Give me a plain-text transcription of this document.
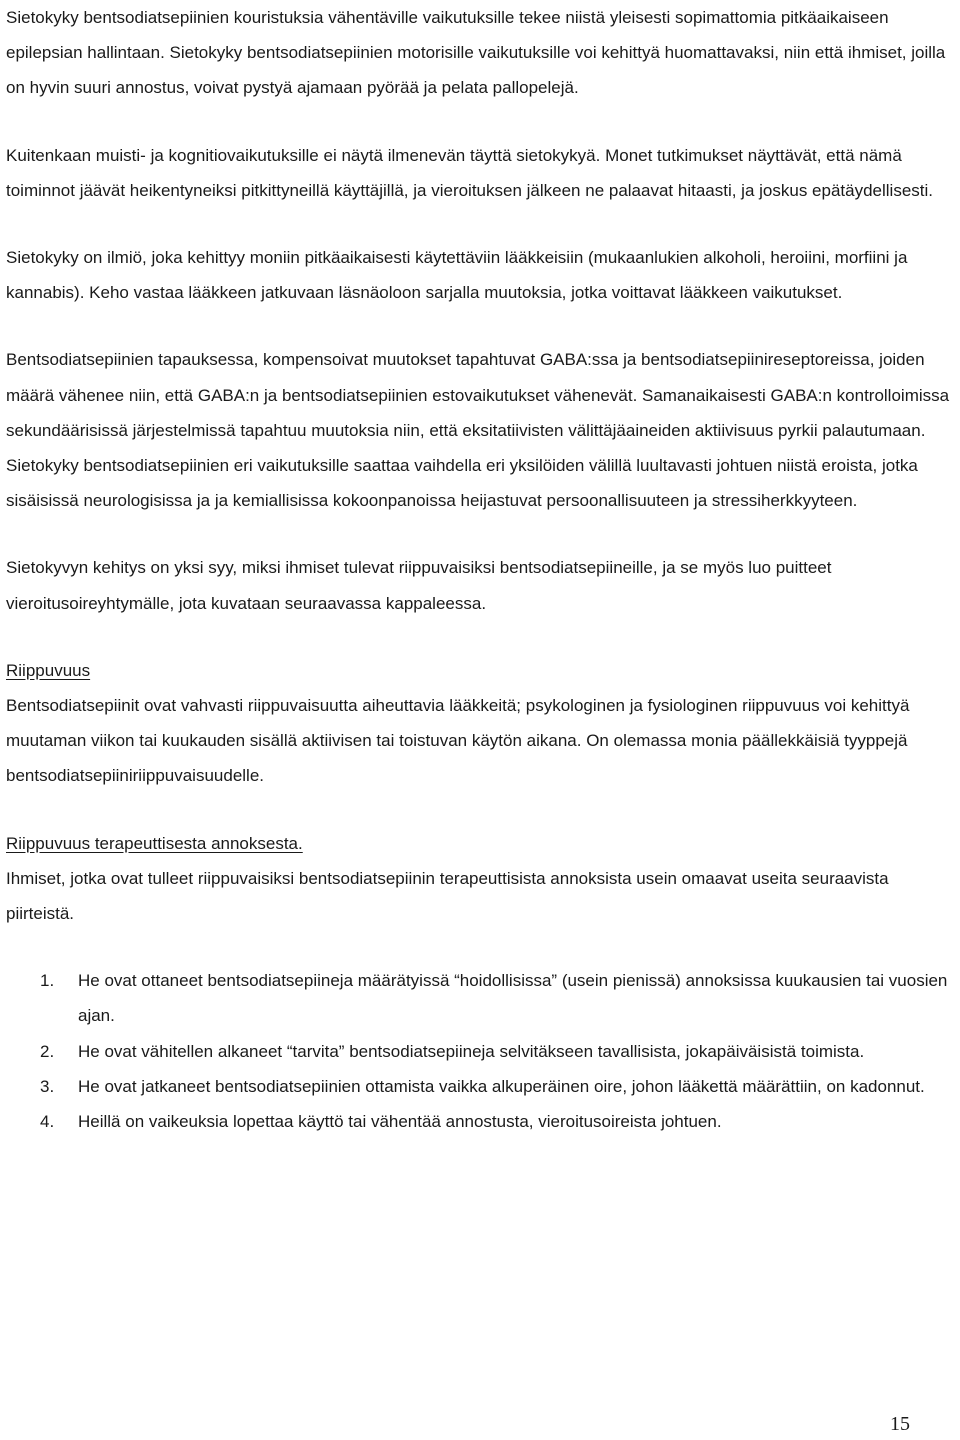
Sietokyky bentsodiatsepiinien kouristuksia vähentäville vaikutuksille tekee niistä yleisesti sopimattomia pitkäaikaiseen epilepsian hallintaan. Sietokyky bentsodiatsepiinien motorisille vaikutuksille voi kehittyä huomattavaksi, niin että ihmiset, joilla on hyvin suuri annostus, voivat pystyä ajamaan pyörää ja pelata pallopelejä.

Kuitenkaan muisti- ja kognitiovaikutuksille ei näytä ilmenevän täyttä sietokykyä. Monet tutkimukset näyttävät, että nämä toiminnot jäävät heikentyneiksi pitkittyneillä käyttäjillä, ja vieroituksen jälkeen ne palaavat hitaasti, ja joskus epätäydellisesti.

Sietokyky on ilmiö, joka kehittyy moniin pitkäaikaisesti käytettäviin lääkkeisiin (mukaanlukien alkoholi, heroiini, morfiini ja kannabis). Keho vastaa lääkkeen jatkuvaan läsnäoloon sarjalla muutoksia, jotka voittavat lääkkeen vaikutukset.

Bentsodiatsepiinien tapauksessa, kompensoivat muutokset tapahtuvat GABA:ssa ja bentsodiatsepiinireseptoreissa, joiden määrä vähenee niin, että GABA:n ja bentsodiatsepiinien estovaikutukset vähenevät. Samanaikaisesti GABA:n kontrolloimissa sekundäärisissä järjestelmissä tapahtuu muutoksia niin, että eksitatiivisten välittäjäaineiden aktiivisuus pyrkii palautumaan. Sietokyky bentsodiatsepiinien eri vaikutuksille saattaa vaihdella eri yksilöiden välillä luultavasti johtuen niistä eroista, jotka sisäisissä neurologisissa ja ja kemiallisissa kokoonpanoissa heijastuvat persoonallisuuteen ja stressiherkkyyteen.

Sietokyvyn kehitys on yksi syy, miksi ihmiset tulevat riippuvaisiksi bentsodiatsepiineille, ja se myös luo puitteet vieroitusoireyhtymälle, jota kuvataan seuraavassa kappaleessa.

Riippuvuus

Bentsodiatsepiinit ovat vahvasti riippuvaisuutta aiheuttavia lääkkeitä; psykologinen ja fysiologinen riippuvuus voi kehittyä muutaman viikon tai kuukauden sisällä aktiivisen tai toistuvan käytön aikana. On olemassa monia päällekkäisiä tyyppejä bentsodiatsepiiniriippuvaisuudelle.

Riippuvuus terapeuttisesta annoksesta.

Ihmiset, jotka ovat tulleet riippuvaisiksi bentsodiatsepiinin terapeuttisista annoksista usein omaavat useita seuraavista piirteistä.

1. He ovat ottaneet bentsodiatsepiineja määrätyissä “hoidollisissa” (usein pienissä) annoksissa kuukausien tai vuosien ajan.
2. He ovat vähitellen alkaneet “tarvita” bentsodiatsepiineja selvitäkseen tavallisista, jokapäiväisistä toimista.
3. He ovat jatkaneet bentsodiatsepiinien ottamista vaikka alkuperäinen oire, johon lääkettä määrättiin, on kadonnut.
4. Heillä on vaikeuksia lopettaa käyttö tai vähentää annostusta, vieroitusoireista johtuen.
15
